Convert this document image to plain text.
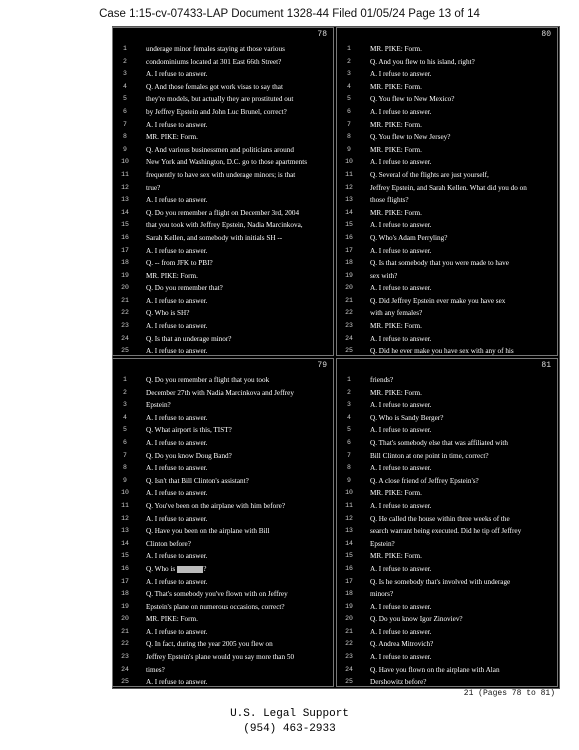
Case 1:15-cv-07433-LAP Document 1328-44 Filed 01/05/24 Page 13 of 14
78
1	underage minor females staying at those various
2	condominiums located at 301 East 66th Street?
3	A. I refuse to answer.
4	Q. And those females got work visas to say that
5	they're models, but actually they are prostituted out
6	by Jeffrey Epstein and John Luc Brunel, correct?
7	A. I refuse to answer.
8	MR. PIKE: Form.
9	Q. And various businessmen and politicians around
10	New York and Washington, D.C. go to those apartments
11	frequently to have sex with underage minors; is that
12	true?
13	A. I refuse to answer.
14	Q. Do you remember a flight on December 3rd, 2004
15	that you took with Jeffrey Epstein, Nadia Marcinkova,
16	Sarah Kellen, and somebody with initials SH --
17	A. I refuse to answer.
18	Q. -- from JFK to PBI?
19	MR. PIKE: Form.
20	Q. Do you remember that?
21	A. I refuse to answer.
22	Q. Who is SH?
23	A. I refuse to answer.
24	Q. Is that an underage minor?
25	A. I refuse to answer.
80
1	MR. PIKE: Form.
2	Q. And you flew to his island, right?
3	A. I refuse to answer.
4	MR. PIKE: Form.
5	Q. You flew to New Mexico?
6	A. I refuse to answer.
7	MR. PIKE: Form.
8	Q. You flew to New Jersey?
9	MR. PIKE: Form.
10	A. I refuse to answer.
11	Q. Several of the flights are just yourself,
12	Jeffrey Epstein, and Sarah Kellen. What did you do on
13	those flights?
14	MR. PIKE: Form.
15	A. I refuse to answer.
16	Q. Who's Adam Perryling?
17	A. I refuse to answer.
18	Q. Is that somebody that you were made to have
19	sex with?
20	A. I refuse to answer.
21	Q. Did Jeffrey Epstein ever make you have sex
22	with any females?
23	MR. PIKE: Form.
24	A. I refuse to answer.
25	Q. Did he ever make you have sex with any of his
79
1	Q. Do you remember a flight that you took
2	December 27th with Nadia Marcinkova and Jeffrey
3	Epstein?
4	A. I refuse to answer.
5	Q. What airport is this, TIST?
6	A. I refuse to answer.
7	Q. Do you know Doug Band?
8	A. I refuse to answer.
9	Q. Isn't that Bill Clinton's assistant?
10	A. I refuse to answer.
11	Q. You've been on the airplane with him before?
12	A. I refuse to answer.
13	Q. Have you been on the airplane with Bill
14	Clinton before?
15	A. I refuse to answer.
16	Q. Who is	?
17	A. I refuse to answer.
18	Q. That's somebody you've flown with on Jeffrey
19	Epstein's plane on numerous occasions, correct?
20	MR. PIKE: Form.
21	A. I refuse to answer.
22	Q. In fact, during the year 2005 you flew on
23	Jeffrey Epstein's plane would you say more than 50
24	times?
25	A. I refuse to answer.
81
1	friends?
2	MR. PIKE: Form.
3	A. I refuse to answer.
4	Q. Who is Sandy Berger?
5	A. I refuse to answer.
6	Q. That's somebody else that was affiliated with
7	Bill Clinton at one point in time, correct?
8	A. I refuse to answer.
9	Q. A close friend of Jeffrey Epstein's?
10	MR. PIKE: Form.
11	A. I refuse to answer.
12	Q. He called the house within three weeks of the
13	search warrant being executed. Did he tip off Jeffrey
14	Epstein?
15	MR. PIKE: Form.
16	A. I refuse to answer.
17	Q. Is he somebody that's involved with underage
18	minors?
19	A. I refuse to answer.
20	Q. Do you know Igor Zinoviev?
21	A. I refuse to answer.
22	Q. Andrea Mitrovich?
23	A. I refuse to answer.
24	Q. Have you flown on the airplane with Alan
25	Dershowitz before?
21 (Pages 78 to 81)
U.S. Legal Support
(954) 463-2933
